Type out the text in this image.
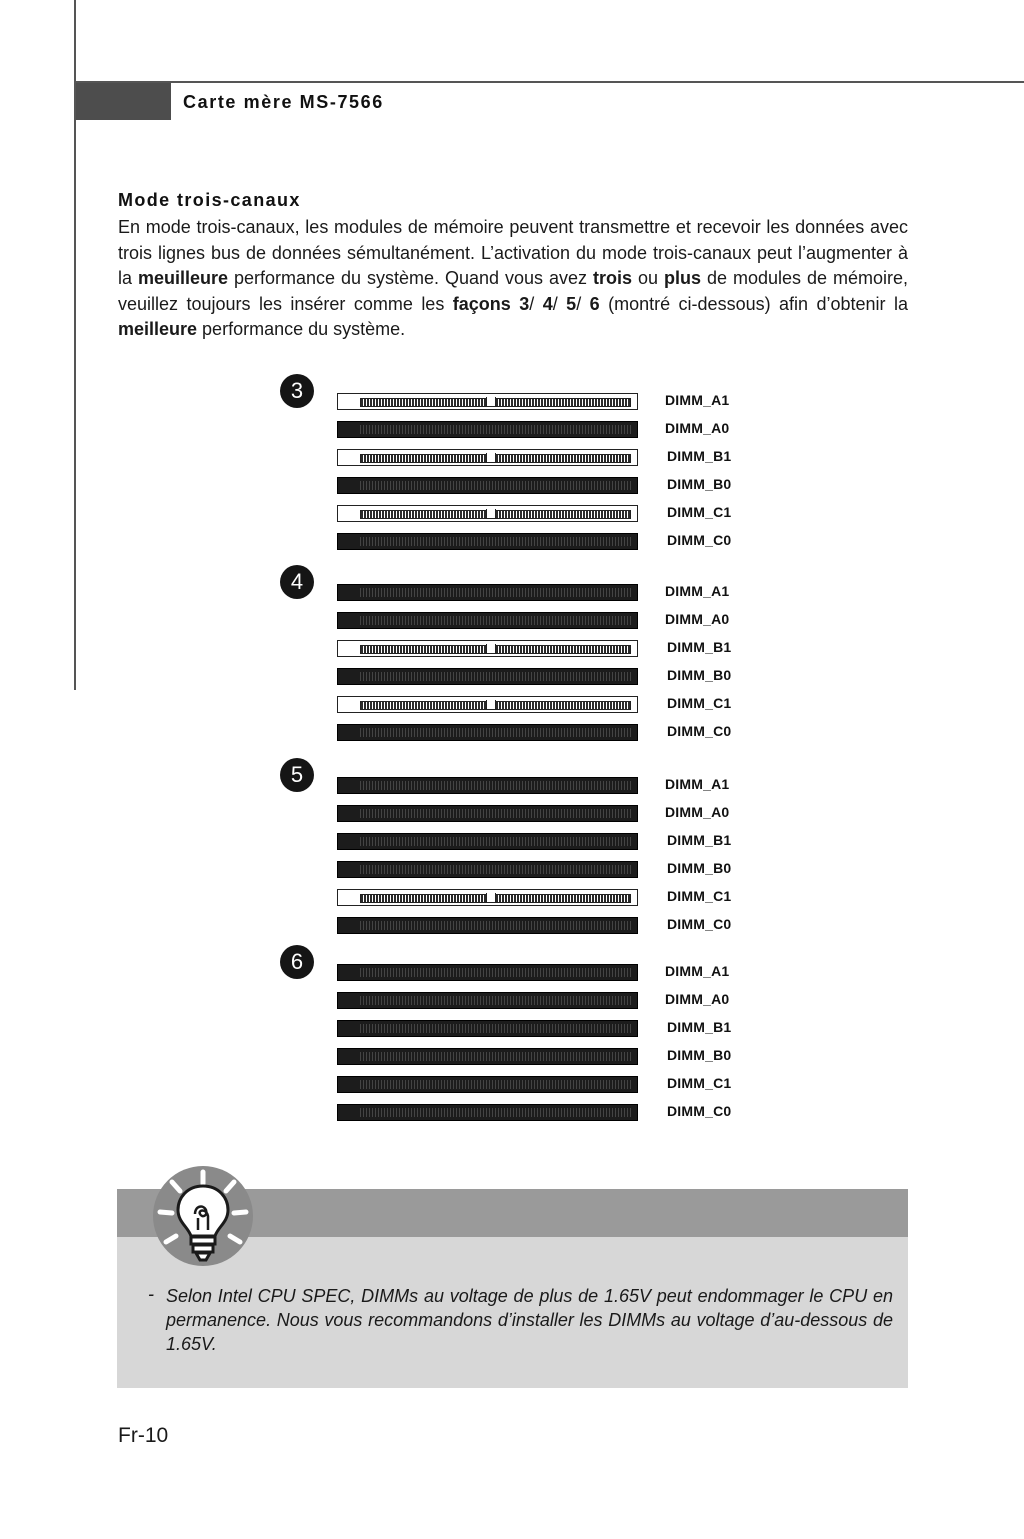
Carte mère MS-7566
Mode trois-canaux
En mode trois-canaux, les modules de mémoire peuvent transmettre et recevoir les données avec trois lignes bus de données sémultanément. L’activation du mode trois-canaux peut l’augmenter à la meuilleure performance du système. Quand vous avez trois ou plus de modules de mémoire, veuillez toujours les insérer comme les façons 3/ 4/ 5/ 6 (montré ci-dessous) afin d’obtenir la meilleure performance du système.
3	DIMM_A1
DIMM_A0
DIMM_B1
DIMM_B0
DIMM_C1
DIMM_C0
4	DIMM_A1
DIMM_A0
DIMM_B1
DIMM_B0
DIMM_C1
DIMM_C0
5	DIMM_A1
DIMM_A0
DIMM_B1
DIMM_B0
DIMM_C1
DIMM_C0
6	DIMM_A1
DIMM_A0
DIMM_B1
DIMM_B0
DIMM_C1
DIMM_C0
- Selon Intel CPU SPEC, DIMMs au voltage de plus de 1.65V peut endommager le CPU en permanence. Nous vous recommandons d’installer les DIMMs au voltage d’au-dessous de 1.65V.
Fr-10
